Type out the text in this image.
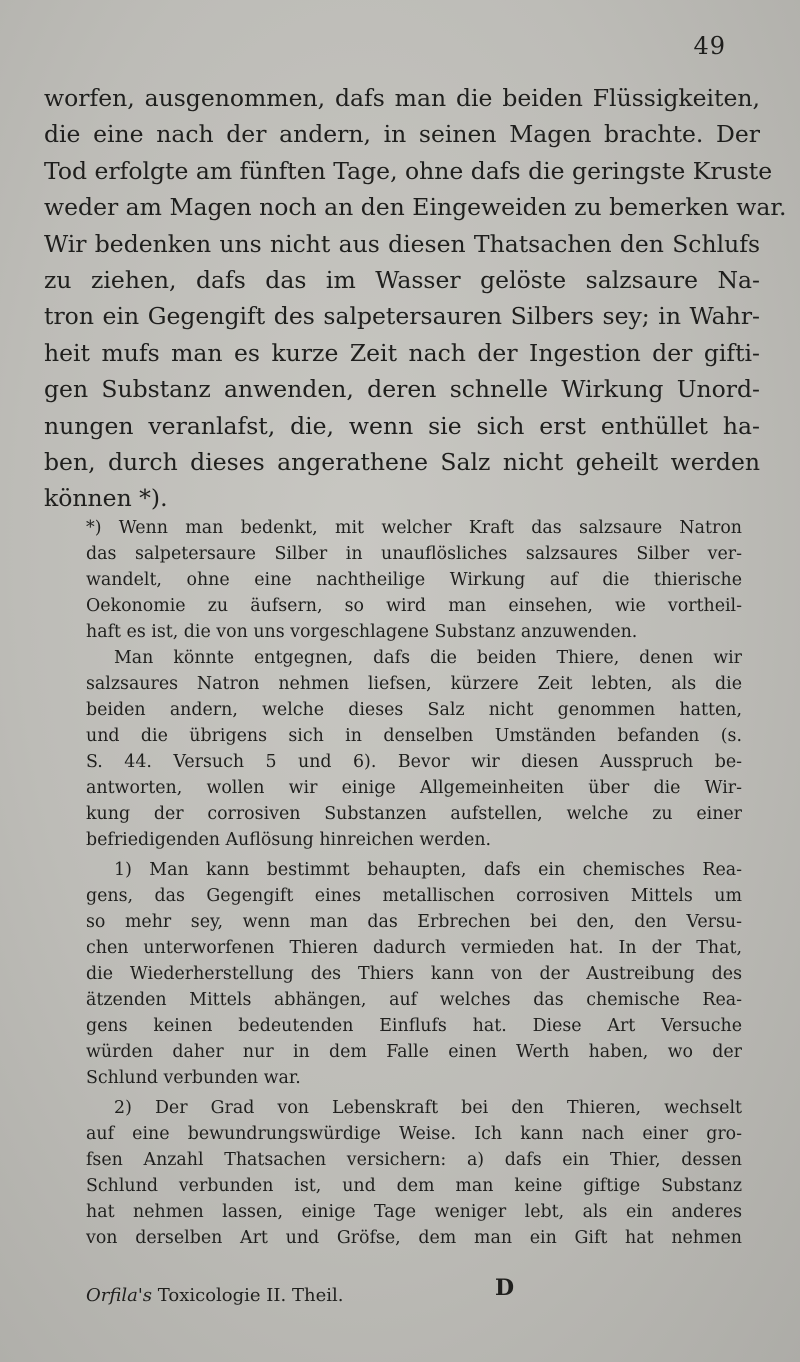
49
worfen, ausgenommen, dafs man die beiden Flüssigkeiten,
die eine nach der andern, in seinen Magen brachte. Der
Tod erfolgte am fünften Tage, ohne dafs die geringste Kruste
weder am Magen noch an den Eingeweiden zu bemerken war.
Wir bedenken uns nicht aus diesen Thatsachen den Schlufs
zu ziehen, dafs das im Wasser gelöste salzsaure Na-
tron ein Gegengift des salpetersauren Silbers sey; in Wahr-
heit mufs man es kurze Zeit nach der Ingestion der gifti-
gen Substanz anwenden, deren schnelle Wirkung Unord-
nungen veranlafst, die, wenn sie sich erst enthüllet ha-
ben, durch dieses angerathene Salz nicht geheilt werden
können *).
*) Wenn man bedenkt, mit welcher Kraft das salzsaure Natron
das salpetersaure Silber in unauflösliches salzsaures Silber ver-
wandelt, ohne eine nachtheilige Wirkung auf die thierische
Oekonomie zu äufsern, so wird man einsehen, wie vortheil-
haft es ist, die von uns vorgeschlagene Substanz anzuwenden.
Man könnte entgegnen, dafs die beiden Thiere, denen wir
salzsaures Natron nehmen liefsen, kürzere Zeit lebten, als die
beiden andern, welche dieses Salz nicht genommen hatten,
und die übrigens sich in denselben Umständen befanden (s.
S. 44. Versuch 5 und 6). Bevor wir diesen Ausspruch be-
antworten, wollen wir einige Allgemeinheiten über die Wir-
kung der corrosiven Substanzen aufstellen, welche zu einer
befriedigenden Auflösung hinreichen werden.
1) Man kann bestimmt behaupten, dafs ein chemisches Rea-
gens, das Gegengift eines metallischen corrosiven Mittels um
so mehr sey, wenn man das Erbrechen bei den, den Versu-
chen unterworfenen Thieren dadurch vermieden hat. In der That,
die Wiederherstellung des Thiers kann von der Austreibung des
ätzenden Mittels abhängen, auf welches das chemische Rea-
gens keinen bedeutenden Einflufs hat. Diese Art Versuche
würden daher nur in dem Falle einen Werth haben, wo der
Schlund verbunden war.
2) Der Grad von Lebenskraft bei den Thieren, wechselt
auf eine bewundrungswürdige Weise. Ich kann nach einer gro-
fsen Anzahl Thatsachen versichern: a) dafs ein Thier, dessen
Schlund verbunden ist, und dem man keine giftige Substanz
hat nehmen lassen, einige Tage weniger lebt, als ein anderes
von derselben Art und Gröfse, dem man ein Gift hat nehmen
Orfila's Toxicologie II. Theil.	D
